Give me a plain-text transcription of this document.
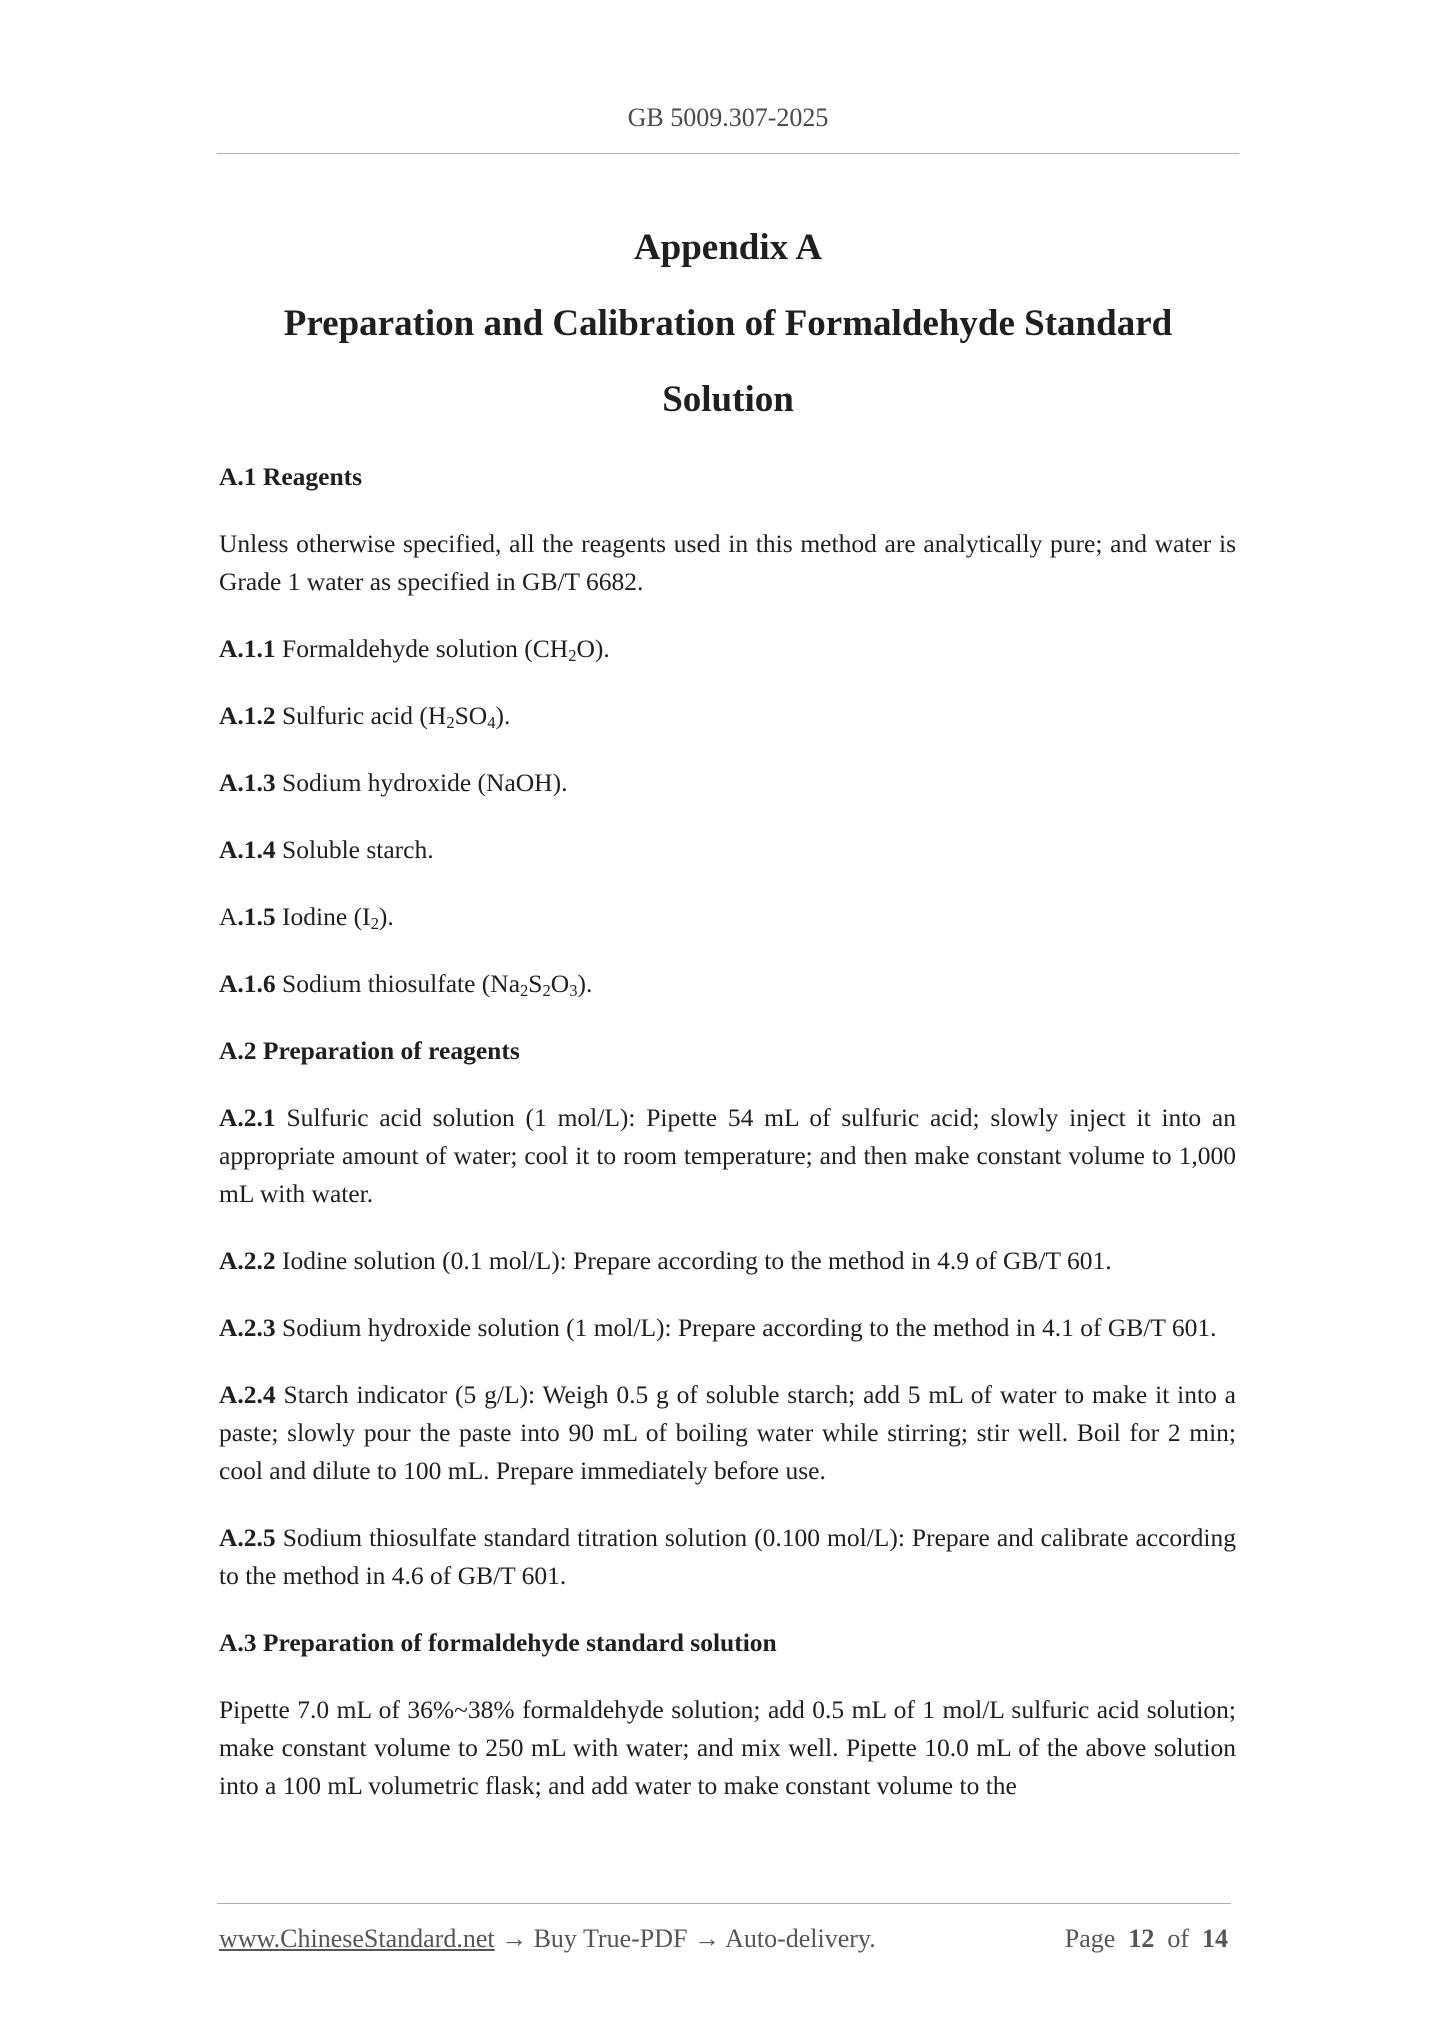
GB 5009.307-2025
Appendix A
Preparation and Calibration of Formaldehyde Standard
Solution

A.1 Reagents

Unless otherwise specified, all the reagents used in this method are analytically pure; and water is Grade 1 water as specified in GB/T 6682.

A.1.1 Formaldehyde solution $(CH_2O)$.

A.1.2 Sulfuric acid $(H_2SO_4)$.

A.1.3 Sodium hydroxide (NaOH).

A.1.4 Soluble starch.

A.1.5 Iodine $(I_2)$.

A.1.6 Sodium thiosulfate $(Na_2S_2O_3)$.

A.2 Preparation of reagents

A.2.1 Sulfuric acid solution (1 mol/L): Pipette 54 mL of sulfuric acid; slowly inject it into an appropriate amount of water; cool it to room temperature; and then make constant volume to 1,000 mL with water.

A.2.2 Iodine solution (0.1 mol/L): Prepare according to the method in 4.9 of GB/T 601.

A.2.3 Sodium hydroxide solution (1 mol/L): Prepare according to the method in 4.1 of GB/T 601.

A.2.4 Starch indicator (5 g/L): Weigh 0.5 g of soluble starch; add 5 mL of water to make it into a paste; slowly pour the paste into 90 mL of boiling water while stirring; stir well. Boil for 2 min; cool and dilute to 100 mL. Prepare immediately before use.

A.2.5 Sodium thiosulfate standard titration solution (0.100 mol/L): Prepare and calibrate according to the method in 4.6 of GB/T 601.

A.3 Preparation of formaldehyde standard solution

Pipette 7.0 mL of 36%~38% formaldehyde solution; add 0.5 mL of 1 mol/L sulfuric acid solution; make constant volume to 250 mL with water; and mix well. Pipette 10.0 mL of the above solution into a 100 mL volumetric flask; and add water to make constant volume to the

www.ChineseStandard.net → Buy True-PDF → Auto-delivery.	Page 12 of 14
